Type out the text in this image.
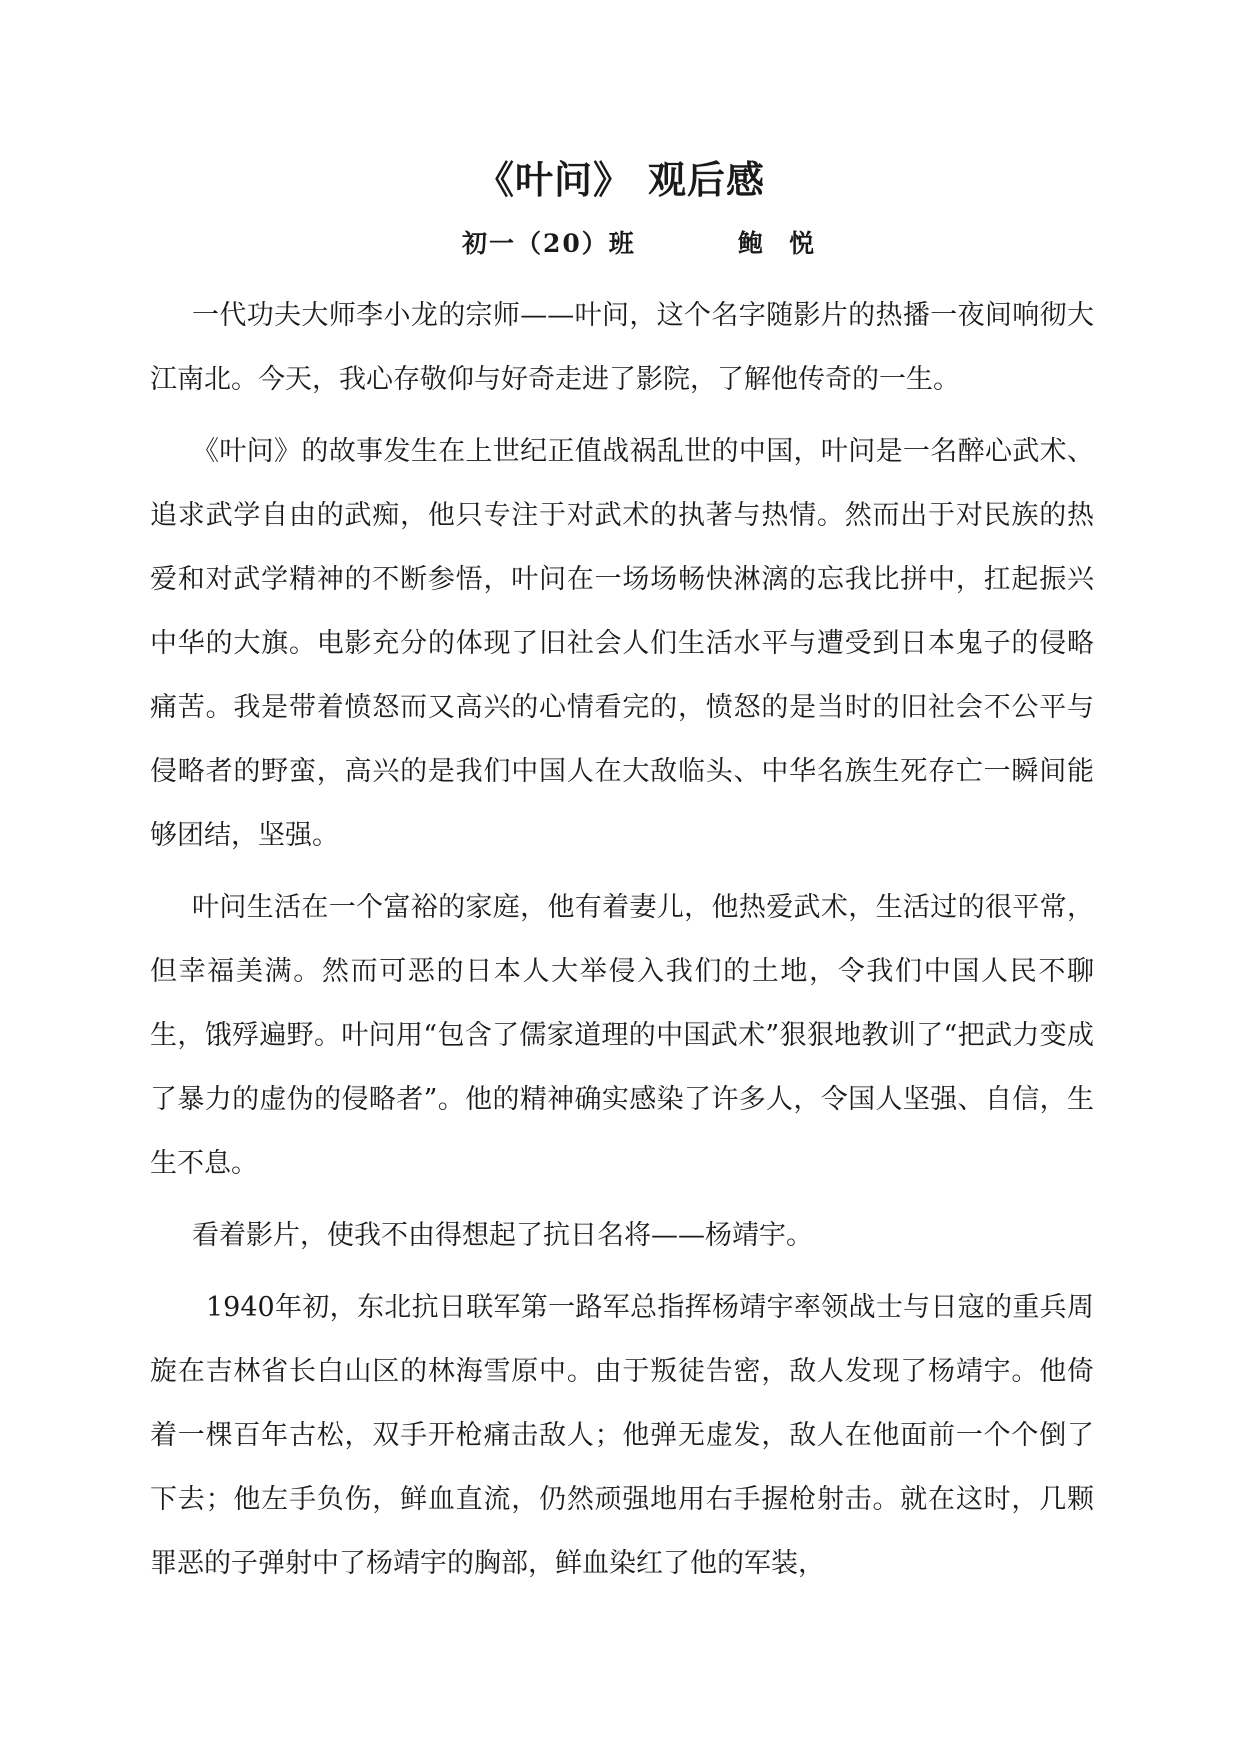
《叶问》 观后感
初一（20）班	鲍悦

一代功夫大师李小龙的宗师——叶问，这个名字随影片的热播一夜间响彻大江南北。今天，我心存敬仰与好奇走进了影院，了解他传奇的一生。

《叶问》的故事发生在上世纪正值战祸乱世的中国，叶问是一名醉心武术、追求武学自由的武痴，他只专注于对武术的执著与热情。然而出于对民族的热爱和对武学精神的不断参悟，叶问在一场场畅快淋漓的忘我比拼中，扛起振兴中华的大旗。电影充分的体现了旧社会人们生活水平与遭受到日本鬼子的侵略痛苦。我是带着愤怒而又高兴的心情看完的，愤怒的是当时的旧社会不公平与侵略者的野蛮，高兴的是我们中国人在大敌临头、中华名族生死存亡一瞬间能够团结，坚强。

叶问生活在一个富裕的家庭，他有着妻儿，他热爱武术，生活过的很平常，但幸福美满。然而可恶的日本人大举侵入我们的土地，令我们中国人民不聊生，饿殍遍野。叶问用“包含了儒家道理的中国武术”狠狠地教训了“把武力变成了暴力的虚伪的侵略者”。他的精神确实感染了许多人，令国人坚强、自信，生生不息。

看着影片，使我不由得想起了抗日名将——杨靖宇。

1940年初，东北抗日联军第一路军总指挥杨靖宇率领战士与日寇的重兵周旋在吉林省长白山区的林海雪原中。由于叛徒告密，敌人发现了杨靖宇。他倚着一棵百年古松，双手开枪痛击敌人；他弹无虚发，敌人在他面前一个个倒了下去；他左手负伤，鲜血直流，仍然顽强地用右手握枪射击。就在这时，几颗罪恶的子弹射中了杨靖宇的胸部，鲜血染红了他的军装，
